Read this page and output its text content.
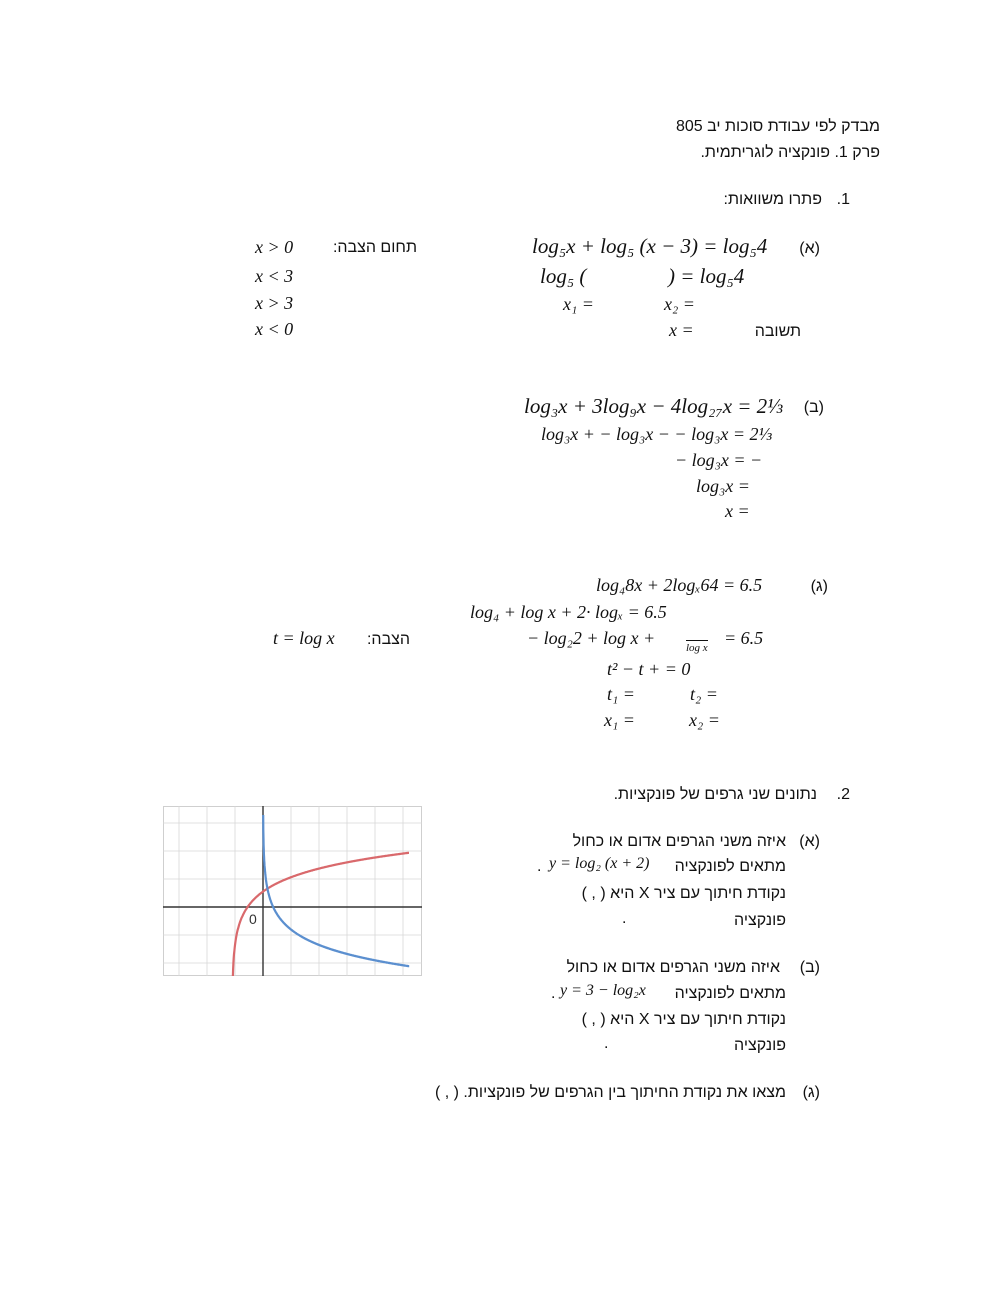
מבדק לפי עבודת סוכות יב 805
פרק 1. פונקציה לוגריתמית.
1.
פתרו משוואות:
(א)
log₅x + log₅ (x − 3) = log₅4
תחום הצבה:
x > 0
x < 3
x > 3
x < 0
log₅ (	) = log₅4
x₁ =	x₂ =
x =	תשובה
(ב)
log₃x + 3log₉x − 4log₂₇x = 2⅓
log₃x + − log₃x − − log₃x = 2⅓
− log₃x = −
log₃x =
x =
(ג)
log₄8x + 2logₓ64 = 6.5
log₄ + log x + 2· logₓ = 6.5
− log₂2 + log x +	log x = 6.5
הצבה:
t = log x
t² − t + = 0
t₁ =	t₂ =
x₁ =	x₂ =
2.
נתונים שני גרפים של פונקציות.
0
(א)
איזה משני הגרפים אדום או כחול
מתאים לפונקציה
y = log₂ (x + 2)
.
נקודת חיתוך עם ציר X היא ( , )
פונקציה
.
(ב)
איזה משני הגרפים אדום או כחול
מתאים לפונקציה
y = 3 − log₂x
.
נקודת חיתוך עם ציר X היא ( , )
פונקציה
.
(ג)
מצאו את נקודת החיתוך בין הגרפים של פונקציות. ( , )
